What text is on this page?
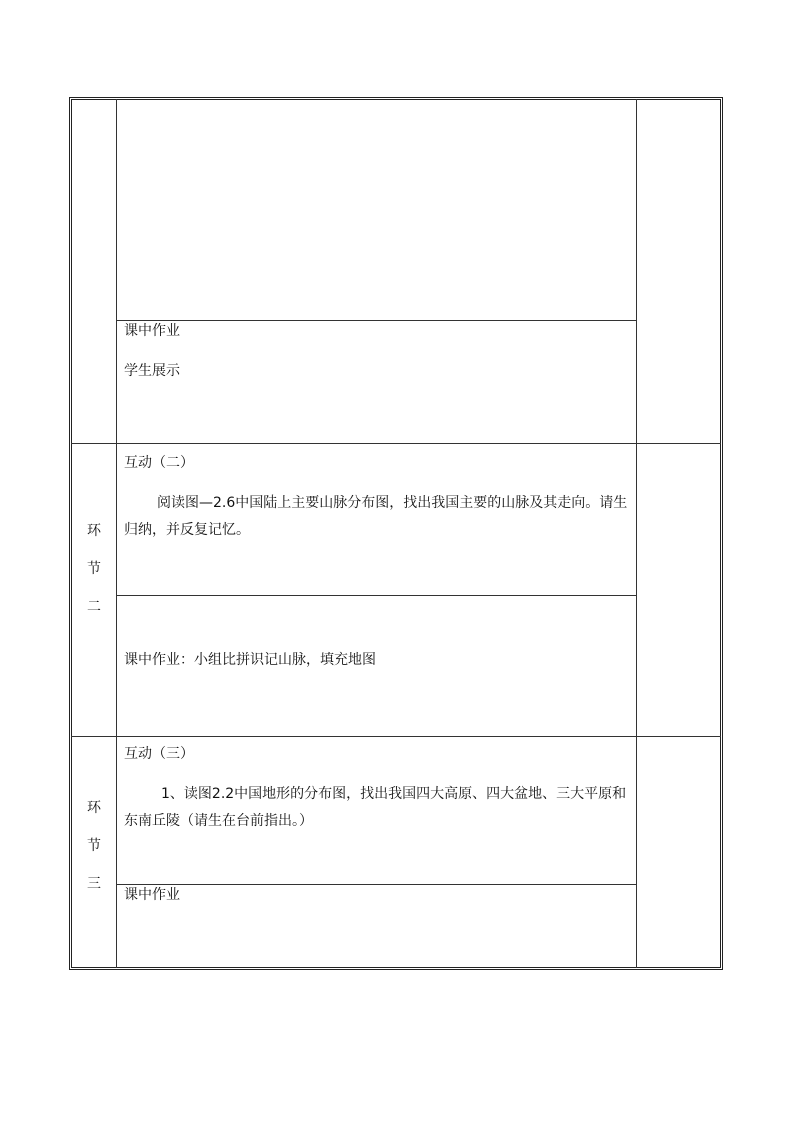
课中作业
学生展示
环
节
二
互动（二）
阅读图—2.6中国陆上主要山脉分布图，找出我国主要的山脉及其走向。请生
归纳，并反复记忆。
课中作业：小组比拼识记山脉，填充地图
环
节
三
互动（三）
1、读图2.2中国地形的分布图，找出我国四大高原、四大盆地、三大平原和
东南丘陵（请生在台前指出。）
课中作业
